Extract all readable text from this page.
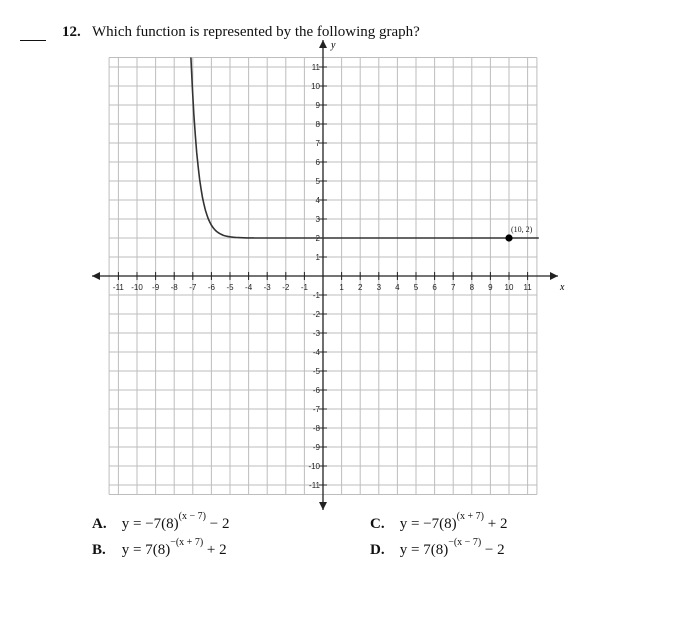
12. Which function is represented by the following graph?
x
y
-11 -10 -9 -8 -7 -6 -5 -4 -3 -2 -1	1 2 3 4 5 6 7 8 9 10 11
11
10
9
8
7
6
5
4
3
2
1
-1
-2
-3
-4
-5
-6
-7
-8
-9
-10
-11
(10, 2)
A. $y = -7(8)^{(x - 7)} - 2$
B. $y = 7(8)^{-(x + 7)} + 2$
C. $y = -7(8)^{(x + 7)} + 2$
D. $y = 7(8)^{-(x - 7)} - 2$
